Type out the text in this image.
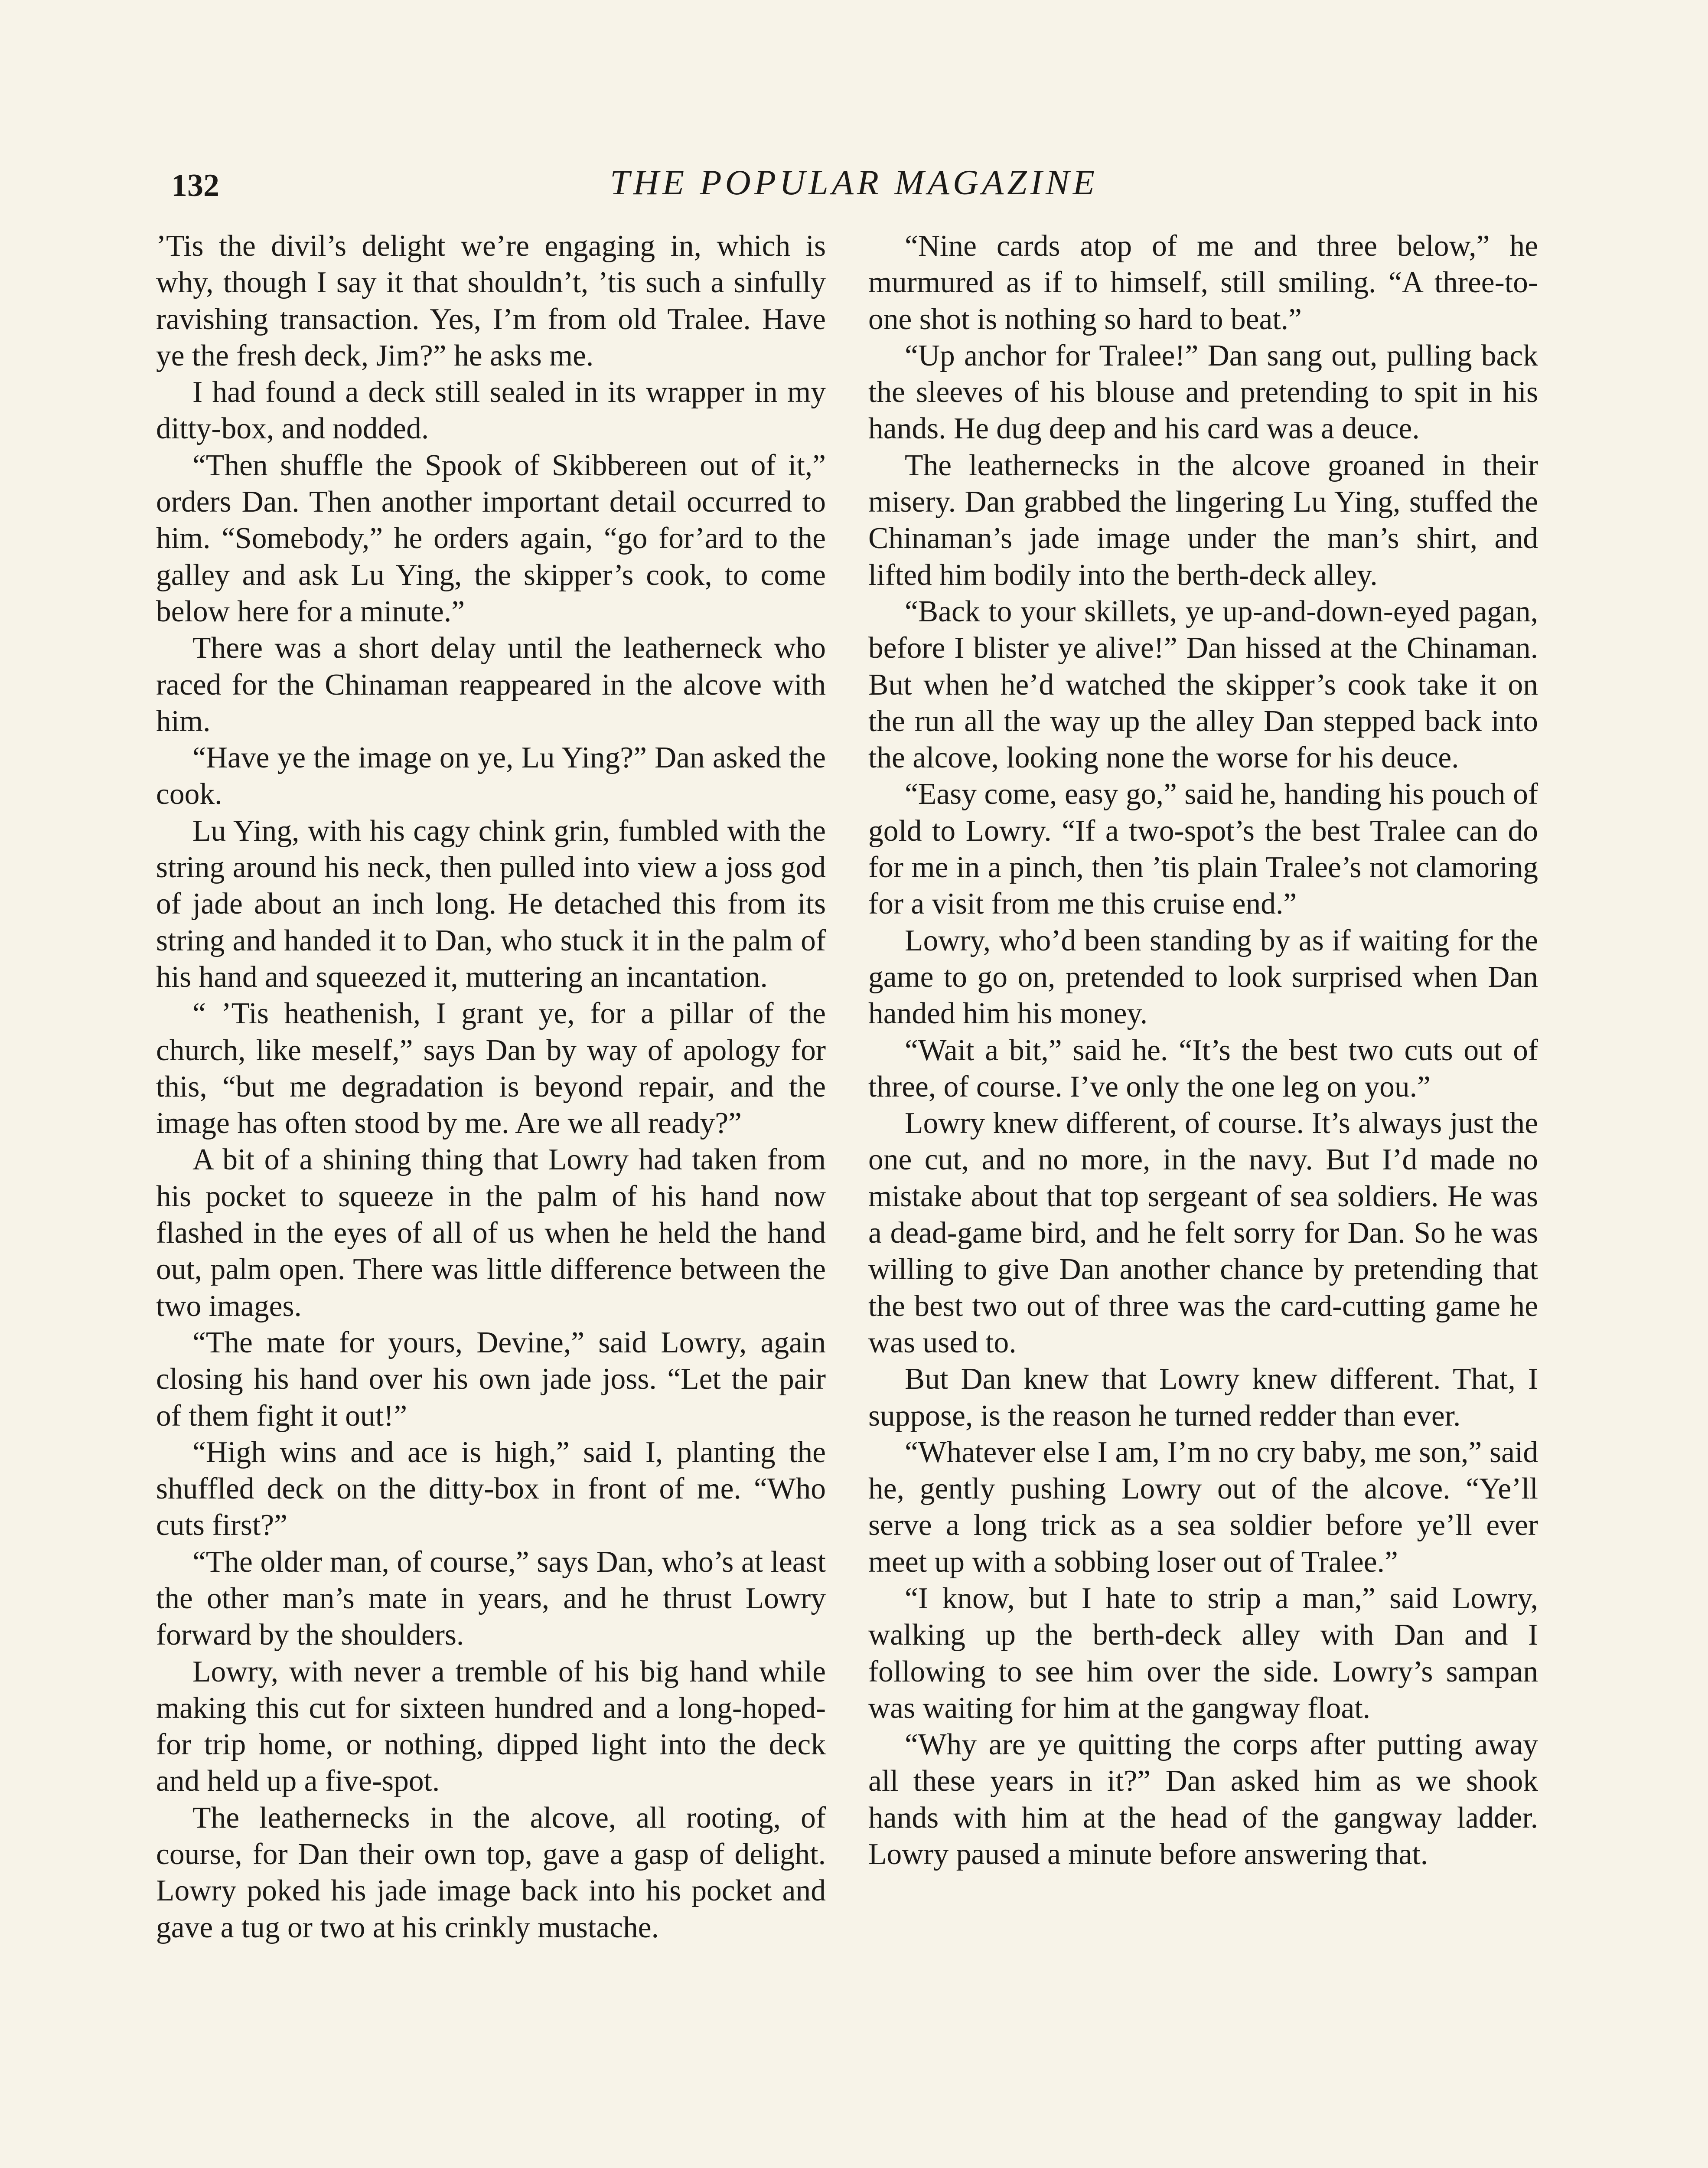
132	THE POPULAR MAGAZINE

’Tis the divil’s delight we’re engaging in, which is why, though I say it that shouldn’t, ’tis such a sinfully ravishing transaction. Yes, I’m from old Tralee. Have ye the fresh deck, Jim?” he asks me.

I had found a deck still sealed in its wrapper in my ditty-box, and nodded.

“Then shuffle the Spook of Skibbereen out of it,” orders Dan. Then another important detail occurred to him. “Somebody,” he orders again, “go for’ard to the galley and ask Lu Ying, the skipper’s cook, to come below here for a minute.”

There was a short delay until the leatherneck who raced for the Chinaman reappeared in the alcove with him.

“Have ye the image on ye, Lu Ying?” Dan asked the cook.

Lu Ying, with his cagy chink grin, fumbled with the string around his neck, then pulled into view a joss god of jade about an inch long. He detached this from its string and handed it to Dan, who stuck it in the palm of his hand and squeezed it, muttering an incantation.

“ ’Tis heathenish, I grant ye, for a pillar of the church, like meself,” says Dan by way of apology for this, “but me degradation is beyond repair, and the image has often stood by me. Are we all ready?”

A bit of a shining thing that Lowry had taken from his pocket to squeeze in the palm of his hand now flashed in the eyes of all of us when he held the hand out, palm open. There was little difference between the two images.

“The mate for yours, Devine,” said Lowry, again closing his hand over his own jade joss. “Let the pair of them fight it out!”

“High wins and ace is high,” said I, planting the shuffled deck on the ditty-box in front of me. “Who cuts first?”

“The older man, of course,” says Dan, who’s at least the other man’s mate in years, and he thrust Lowry forward by the shoulders.

Lowry, with never a tremble of his big hand while making this cut for sixteen hundred and a long-hoped-for trip home, or nothing, dipped light into the deck and held up a five-spot.

The leathernecks in the alcove, all rooting, of course, for Dan their own top, gave a gasp of delight. Lowry poked his jade image back into his pocket and gave a tug or two at his crinkly mustache.

“Nine cards atop of me and three below,” he murmured as if to himself, still smiling. “A three-to-one shot is nothing so hard to beat.”

“Up anchor for Tralee!” Dan sang out, pulling back the sleeves of his blouse and pretending to spit in his hands. He dug deep and his card was a deuce.

The leathernecks in the alcove groaned in their misery. Dan grabbed the lingering Lu Ying, stuffed the Chinaman’s jade image under the man’s shirt, and lifted him bodily into the berth-deck alley.

“Back to your skillets, ye up-and-down-eyed pagan, before I blister ye alive!” Dan hissed at the Chinaman. But when he’d watched the skipper’s cook take it on the run all the way up the alley Dan stepped back into the alcove, looking none the worse for his deuce.

“Easy come, easy go,” said he, handing his pouch of gold to Lowry. “If a two-spot’s the best Tralee can do for me in a pinch, then ’tis plain Tralee’s not clamoring for a visit from me this cruise end.”

Lowry, who’d been standing by as if waiting for the game to go on, pretended to look surprised when Dan handed him his money.

“Wait a bit,” said he. “It’s the best two cuts out of three, of course. I’ve only the one leg on you.”

Lowry knew different, of course. It’s always just the one cut, and no more, in the navy. But I’d made no mistake about that top sergeant of sea soldiers. He was a dead-game bird, and he felt sorry for Dan. So he was willing to give Dan another chance by pretending that the best two out of three was the card-cutting game he was used to.

But Dan knew that Lowry knew different. That, I suppose, is the reason he turned redder than ever.

“Whatever else I am, I’m no cry baby, me son,” said he, gently pushing Lowry out of the alcove. “Ye’ll serve a long trick as a sea soldier before ye’ll ever meet up with a sobbing loser out of Tralee.”

“I know, but I hate to strip a man,” said Lowry, walking up the berth-deck alley with Dan and I following to see him over the side. Lowry’s sampan was waiting for him at the gangway float.

“Why are ye quitting the corps after putting away all these years in it?” Dan asked him as we shook hands with him at the head of the gangway ladder. Lowry paused a minute before answering that.
